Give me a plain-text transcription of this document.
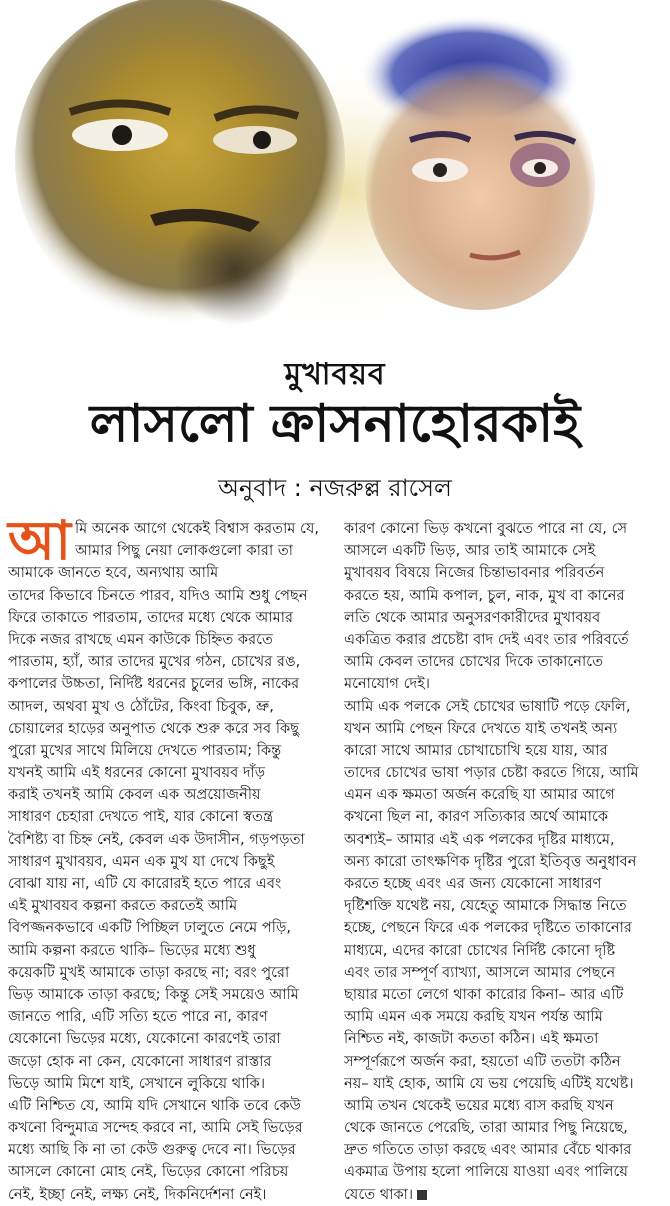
মুখাবয়ব
লাসলো ক্রাসনাহোরকাই
অনুবাদ : নজরুল্ল রাসেল
আ মি অনেক আগে থেকেই বিশ্বাস করতাম যে,
আমার পিছু নেয়া লোকগুলো কারা তা
আমাকে জানতে হবে, অন্যথায় আমি
তাদের কিভাবে চিনতে পারব, যদিও আমি শুধু পেছন
ফিরে তাকাতে পারতাম, তাদের মধ্যে থেকে আমার
দিকে নজর রাখছে এমন কাউকে চিহ্নিত করতে
পারতাম, হ্যাঁ, আর তাদের মুখের গঠন, চোখের রঙ,
কপালের উচ্চতা, নির্দিষ্ট ধরনের চুলের ভঙ্গি, নাকের
আদল, অথবা মুখ ও ঠোঁটের, কিংবা চিবুক, ভ্রু,
চোয়ালের হাড়ের অনুপাত থেকে শুরু করে সব কিছু
পুরো মুখের সাথে মিলিয়ে দেখতে পারতাম; কিন্তু
যখনই আমি এই ধরনের কোনো মুখাবয়ব দাঁড়
করাই তখনই আমি কেবল এক অপ্রয়োজনীয়
সাধারণ চেহারা দেখতে পাই, যার কোনো স্বতন্ত্র
বৈশিষ্ট্য বা চিহ্ন নেই, কেবল এক উদাসীন, গড়পড়তা
সাধারণ মুখাবয়ব, এমন এক মুখ যা দেখে কিছুই
বোঝা যায় না, এটি যে কারোরই হতে পারে এবং
এই মুখাবয়ব কল্পনা করতে করতেই আমি
বিপজ্জনকভাবে একটি পিচ্ছিল ঢালুতে নেমে পড়ি,
আমি কল্পনা করতে থাকি– ভিড়ের মধ্যে শুধু
কয়েকটি মুখই আমাকে তাড়া করছে না; বরং পুরো
ভিড় আমাকে তাড়া করছে; কিন্তু সেই সময়েও আমি
জানতে পারি, এটি সত্যি হতে পারে না, কারণ
যেকোনো ভিড়ের মধ্যে, যেকোনো কারণেই তারা
জড়ো হোক না কেন, যেকোনো সাধারণ রাস্তার
ভিড়ে আমি মিশে যাই, সেখানে লুকিয়ে থাকি।
এটি নিশ্চিত যে, আমি যদি সেখানে থাকি তবে কেউ
কখনো বিন্দুমাত্র সন্দেহ করবে না, আমি সেই ভিড়ের
মধ্যে আছি কি না তা কেউ গুরুত্ব দেবে না। ভিড়ের
আসলে কোনো মোহ নেই, ভিড়ের কোনো পরিচয়
নেই, ইচ্ছা নেই, লক্ষ্য নেই, দিকনির্দেশনা নেই।
কারণ কোনো ভিড় কখনো বুঝতে পারে না যে, সে
আসলে একটি ভিড়, আর তাই আমাকে সেই
মুখাবয়ব বিষয়ে নিজের চিন্তাভাবনার পরিবর্তন
করতে হয়, আমি কপাল, চুল, নাক, মুখ বা কানের
লতি থেকে আমার অনুসরণকারীদের মুখাবয়ব
একত্রিত করার প্রচেষ্টা বাদ দেই এবং তার পরিবর্তে
আমি কেবল তাদের চোখের দিকে তাকানোতে
মনোযোগ দেই।
আমি এক পলকে সেই চোখের ভাষাটি পড়ে ফেলি,
যখন আমি পেছন ফিরে দেখতে যাই তখনই অন্য
কারো সাথে আমার চোখাচোখি হয়ে যায়, আর
তাদের চোখের ভাষা পড়ার চেষ্টা করতে গিয়ে, আমি
এমন এক ক্ষমতা অর্জন করেছি যা আমার আগে
কখনো ছিল না, কারণ সত্যিকার অর্থে আমাকে
অবশ্যই– আমার এই এক পলকের দৃষ্টির মাধ্যমে,
অন্য কারো তাৎক্ষণিক দৃষ্টির পুরো ইতিবৃত্ত অনুধাবন
করতে হচ্ছে এবং এর জন্য যেকোনো সাধারণ
দৃষ্টিশক্তি যথেষ্ট নয়, যেহেতু আমাকে সিদ্ধান্ত নিতে
হচ্ছে, পেছনে ফিরে এক পলকের দৃষ্টিতে তাকানোর
মাধ্যমে, এদের কারো চোখের নির্দিষ্ট কোনো দৃষ্টি
এবং তার সম্পূর্ণ ব্যাখ্যা, আসলে আমার পেছনে
ছায়ার মতো লেগে থাকা কারোর কিনা– আর এটি
আমি এমন এক সময়ে করছি যখন পর্যন্ত আমি
নিশ্চিত নই, কাজটা কততা কঠিন। এই ক্ষমতা
সম্পূর্ণরূপে অর্জন করা, হয়তো এটি ততটা কঠিন
নয়– যাই হোক, আমি যে ভয় পেয়েছি এটিই যথেষ্ট।
আমি তখন থেকেই ভয়ের মধ্যে বাস করছি যখন
থেকে জানতে পেরেছি, তারা আমার পিছু নিয়েছে,
দ্রুত গতিতে তাড়া করছে এবং আমার বেঁচে থাকার
একমাত্র উপায় হলো পালিয়ে যাওয়া এবং পালিয়ে
যেতে থাকা।
